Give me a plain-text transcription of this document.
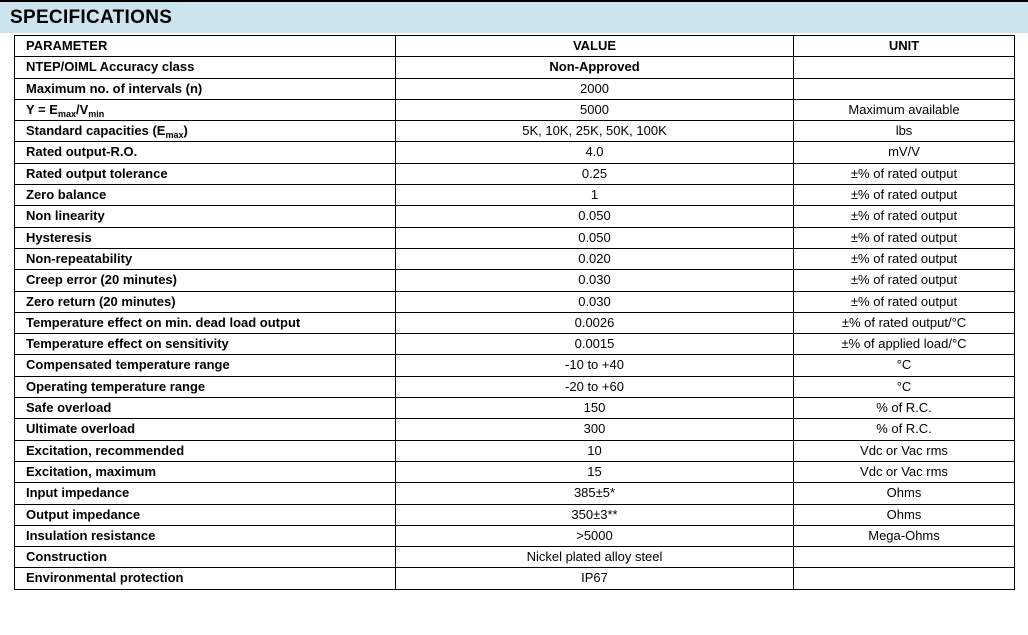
SPECIFICATIONS
PARAMETER	VALUE	UNIT
NTEP/OIML Accuracy class	Non-Approved	
Maximum no. of intervals (n)	2000	
$Y = E_{max}/V_{min}$	5000	Maximum available
Standard capacities $(E_{max})$	5K, 10K, 25K, 50K, 100K	lbs
Rated output-R.O.	4.0	mV/V
Rated output tolerance	0.25	±% of rated output
Zero balance	1	±% of rated output
Non linearity	0.050	±% of rated output
Hysteresis	0.050	±% of rated output
Non-repeatability	0.020	±% of rated output
Creep error (20 minutes)	0.030	±% of rated output
Zero return (20 minutes)	0.030	±% of rated output
Temperature effect on min. dead load output	0.0026	±% of rated output/°C
Temperature effect on sensitivity	0.0015	±% of applied load/°C
Compensated temperature range	-10 to +40	°C
Operating temperature range	-20 to +60	°C
Safe overload	150	% of R.C.
Ultimate overload	300	% of R.C.
Excitation, recommended	10	Vdc or Vac rms
Excitation, maximum	15	Vdc or Vac rms
Input impedance	385±5*	Ohms
Output impedance	350±3**	Ohms
Insulation resistance	>5000	Mega-Ohms
Construction	Nickel plated alloy steel	
Environmental protection	IP67	
